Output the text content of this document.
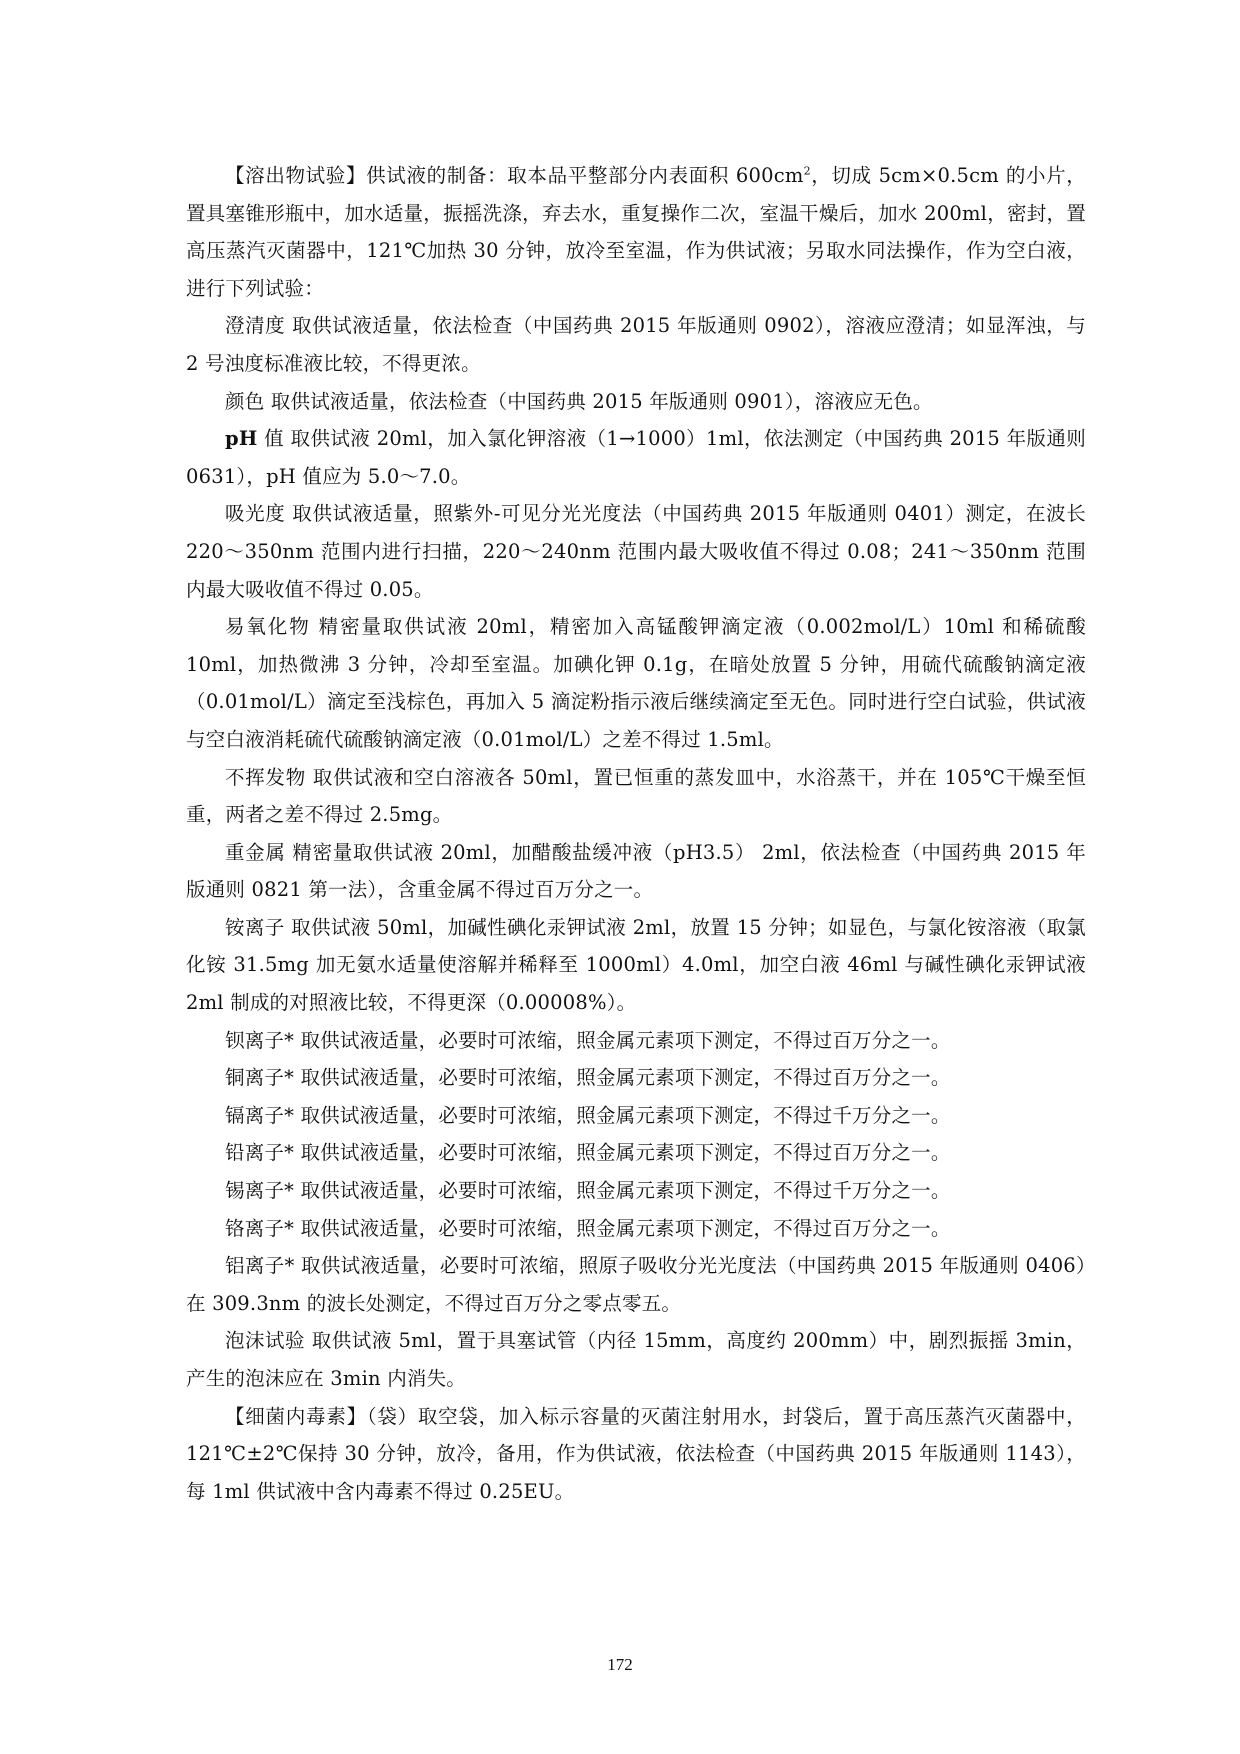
【溶出物试验】供试液的制备：取本品平整部分内表面积 $600cm^2$，切成 5cm×0.5cm 的小片，置具塞锥形瓶中，加水适量，振摇洗涤，弃去水，重复操作二次，室温干燥后，加水 200ml，密封，置高压蒸汽灭菌器中，121℃加热 30 分钟，放冷至室温，作为供试液；另取水同法操作，作为空白液，进行下列试验：

澄清度 取供试液适量，依法检查（中国药典 2015 年版通则 0902），溶液应澄清；如显浑浊，与 2 号浊度标准液比较，不得更浓。

颜色 取供试液适量，依法检查（中国药典 2015 年版通则 0901），溶液应无色。

pH 值 取供试液 20ml，加入氯化钾溶液（1→1000）1ml，依法测定（中国药典 2015 年版通则 0631），pH 值应为 5.0～7.0。

吸光度 取供试液适量，照紫外-可见分光光度法（中国药典 2015 年版通则 0401）测定，在波长 220～350nm 范围内进行扫描，220～240nm 范围内最大吸收值不得过 0.08；241～350nm 范围内最大吸收值不得过 0.05。

易氧化物 精密量取供试液 20ml，精密加入高锰酸钾滴定液（0.002mol/L）10ml 和稀硫酸 10ml，加热微沸 3 分钟，冷却至室温。加碘化钾 0.1g，在暗处放置 5 分钟，用硫代硫酸钠滴定液（0.01mol/L）滴定至浅棕色，再加入 5 滴淀粉指示液后继续滴定至无色。同时进行空白试验，供试液与空白液消耗硫代硫酸钠滴定液（0.01mol/L）之差不得过 1.5ml。

不挥发物 取供试液和空白溶液各 50ml，置已恒重的蒸发皿中，水浴蒸干，并在 105℃干燥至恒重，两者之差不得过 2.5mg。

重金属 精密量取供试液 20ml，加醋酸盐缓冲液（pH3.5） 2ml，依法检查（中国药典 2015 年版通则 0821 第一法），含重金属不得过百万分之一。

铵离子 取供试液 50ml，加碱性碘化汞钾试液 2ml，放置 15 分钟；如显色，与氯化铵溶液（取氯化铵 31.5mg 加无氨水适量使溶解并稀释至 1000ml）4.0ml，加空白液 46ml 与碱性碘化汞钾试液 2ml 制成的对照液比较，不得更深（0.00008%）。

钡离子* 取供试液适量，必要时可浓缩，照金属元素项下测定，不得过百万分之一。

铜离子* 取供试液适量，必要时可浓缩，照金属元素项下测定，不得过百万分之一。

镉离子* 取供试液适量，必要时可浓缩，照金属元素项下测定，不得过千万分之一。

铅离子* 取供试液适量，必要时可浓缩，照金属元素项下测定，不得过百万分之一。

锡离子* 取供试液适量，必要时可浓缩，照金属元素项下测定，不得过千万分之一。

铬离子* 取供试液适量，必要时可浓缩，照金属元素项下测定，不得过百万分之一。

铝离子* 取供试液适量，必要时可浓缩，照原子吸收分光光度法（中国药典 2015 年版通则 0406）在 309.3nm 的波长处测定，不得过百万分之零点零五。

泡沫试验 取供试液 5ml，置于具塞试管（内径 15mm，高度约 200mm）中，剧烈振摇 3min，产生的泡沫应在 3min 内消失。

【细菌内毒素】（袋）取空袋，加入标示容量的灭菌注射用水，封袋后，置于高压蒸汽灭菌器中，121℃±2℃保持 30 分钟，放冷，备用，作为供试液，依法检查（中国药典 2015 年版通则 1143），每 1ml 供试液中含内毒素不得过 0.25EU。

172
